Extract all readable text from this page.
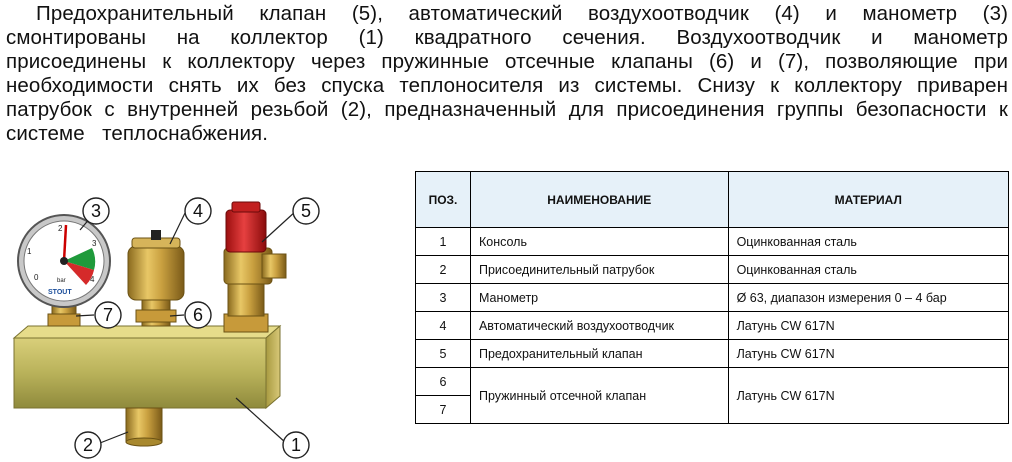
Предохранительный клапан (5), автоматический воздухоотводчик (4) и манометр (3)
смонтированы на коллектор (1) квадратного сечения. Воздухоотводчик и манометр
присоединены к коллектору через пружинные отсечные клапаны (6) и (7), позволяющие при
необходимости снять их без спуска теплоносителя из системы. Снизу к коллектору приварен
патрубок с внутренней резьбой (2), предназначенный для присоединения группы безопасности к
системе   теплоснабжения.
0
1
2
3
4
bar
STOUT
3	4	5
7	6
2	1
ПОЗ.	НАИМЕНОВАНИЕ	МАТЕРИАЛ
1	Консоль	Оцинкованная сталь
2	Присоединительный патрубок	Оцинкованная сталь
3	Манометр	Ø 63, диапазон измерения 0 – 4 бар
4	Автоматический воздухоотводчик	Латунь CW 617N
5	Предохранительный клапан	Латунь CW 617N
6	Пружинный отсечной клапан	Латунь CW 617N
7		
